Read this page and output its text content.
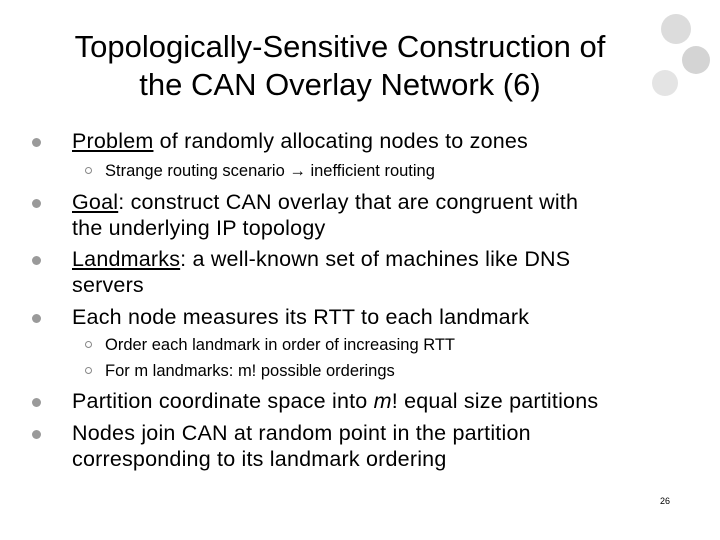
Topologically-Sensitive Construction of
the CAN Overlay Network (6)
Problem of randomly allocating nodes to zones
Strange routing scenario → inefficient routing
Goal: construct CAN overlay that are congruent with
the underlying IP topology
Landmarks: a well-known set of machines like DNS
servers
Each node measures its RTT to each landmark
Order each landmark in order of increasing RTT
For m landmarks: m! possible orderings
Partition coordinate space into m! equal size partitions
Nodes join CAN at random point in the partition
corresponding to its landmark ordering
26
